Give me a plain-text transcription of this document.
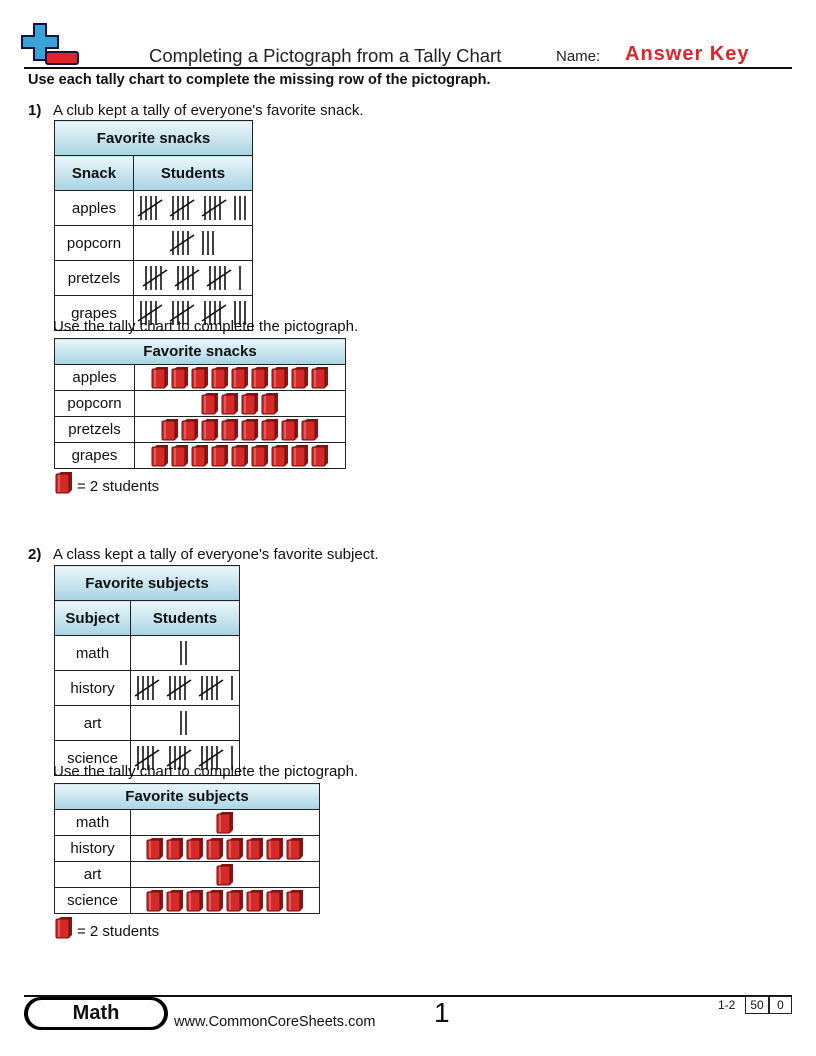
Completing a Pictograph from a Tally Chart	Name: Answer Key
Use each tally chart to complete the missing row of the pictograph.
1) A club kept a tally of everyone's favorite snack.
Favorite snacks	
Snack	Students
apples	

popcorn	

pretzels	

grapes	
Use the tally chart to complete the pictograph.
Favorite snacks	
apples	
popcorn	
pretzels	
grapes	
= 2 students
2) A class kept a tally of everyone's favorite subject.
Favorite subjects	
Subject	Students
math	

history	

art	

science	
Use the tally chart to complete the pictograph.
Favorite subjects	
math	
history	
art	
science	
= 2 students
Math	www.CommonCoreSheets.com 1	1-2	50	0
